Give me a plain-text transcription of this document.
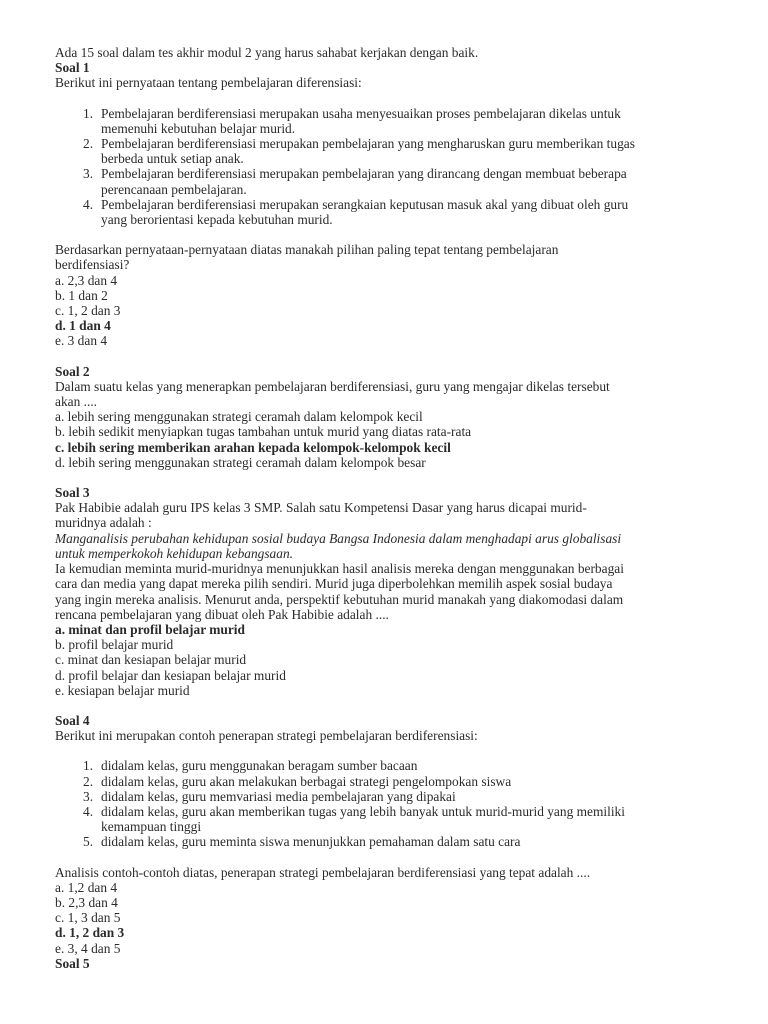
Ada 15 soal dalam tes akhir modul 2 yang harus sahabat kerjakan dengan baik.

Soal 1

Berikut ini pernyataan tentang pembelajaran diferensiasi:

1. Pembelajaran berdiferensiasi merupakan usaha menyesuaikan proses pembelajaran dikelas untuk

memenuhi kebutuhan belajar murid.

2. Pembelajaran berdiferensiasi merupakan pembelajaran yang mengharuskan guru memberikan tugas

berbeda untuk setiap anak.

3. Pembelajaran berdiferensiasi merupakan pembelajaran yang dirancang dengan membuat beberapa

perencanaan pembelajaran.

4. Pembelajaran berdiferensiasi merupakan serangkaian keputusan masuk akal yang dibuat oleh guru

yang berorientasi kepada kebutuhan murid.

Berdasarkan pernyataan-pernyataan diatas manakah pilihan paling tepat tentang pembelajaran

berdifensiasi?

a. 2,3 dan 4

b. 1 dan 2

c. 1, 2 dan 3

d. 1 dan 4

e. 3 dan 4

Soal 2

Dalam suatu kelas yang menerapkan pembelajaran berdiferensiasi, guru yang mengajar dikelas tersebut

akan ....

a. lebih sering menggunakan strategi ceramah dalam kelompok kecil

b. lebih sedikit menyiapkan tugas tambahan untuk murid yang diatas rata-rata

c. lebih sering memberikan arahan kepada kelompok-kelompok kecil

d. lebih sering menggunakan strategi ceramah dalam kelompok besar

Soal 3

Pak Habibie adalah guru IPS kelas 3 SMP. Salah satu Kompetensi Dasar yang harus dicapai murid-

muridnya adalah :

Manganalisis perubahan kehidupan sosial budaya Bangsa Indonesia dalam menghadapi arus globalisasi

untuk memperkokoh kehidupan kebangsaan.

Ia kemudian meminta murid-muridnya menunjukkan hasil analisis mereka dengan menggunakan berbagai

cara dan media yang dapat mereka pilih sendiri. Murid juga diperbolehkan memilih aspek sosial budaya

yang ingin mereka analisis. Menurut anda, perspektif kebutuhan murid manakah yang diakomodasi dalam

rencana pembelajaran yang dibuat oleh Pak Habibie adalah ....

a. minat dan profil belajar murid

b. profil belajar murid

c. minat dan kesiapan belajar murid

d. profil belajar dan kesiapan belajar murid

e. kesiapan belajar murid

Soal 4

Berikut ini merupakan contoh penerapan strategi pembelajaran berdiferensiasi:

1. didalam kelas, guru menggunakan beragam sumber bacaan

2. didalam kelas, guru akan melakukan berbagai strategi pengelompokan siswa

3. didalam kelas, guru memvariasi media pembelajaran yang dipakai

4. didalam kelas, guru akan memberikan tugas yang lebih banyak untuk murid-murid yang memiliki

kemampuan tinggi

5. didalam kelas, guru meminta siswa menunjukkan pemahaman dalam satu cara

Analisis contoh-contoh diatas, penerapan strategi pembelajaran berdiferensiasi yang tepat adalah ....

a. 1,2 dan 4

b. 2,3 dan 4

c. 1, 3 dan 5

d. 1, 2 dan 3

e. 3, 4 dan 5

Soal 5
